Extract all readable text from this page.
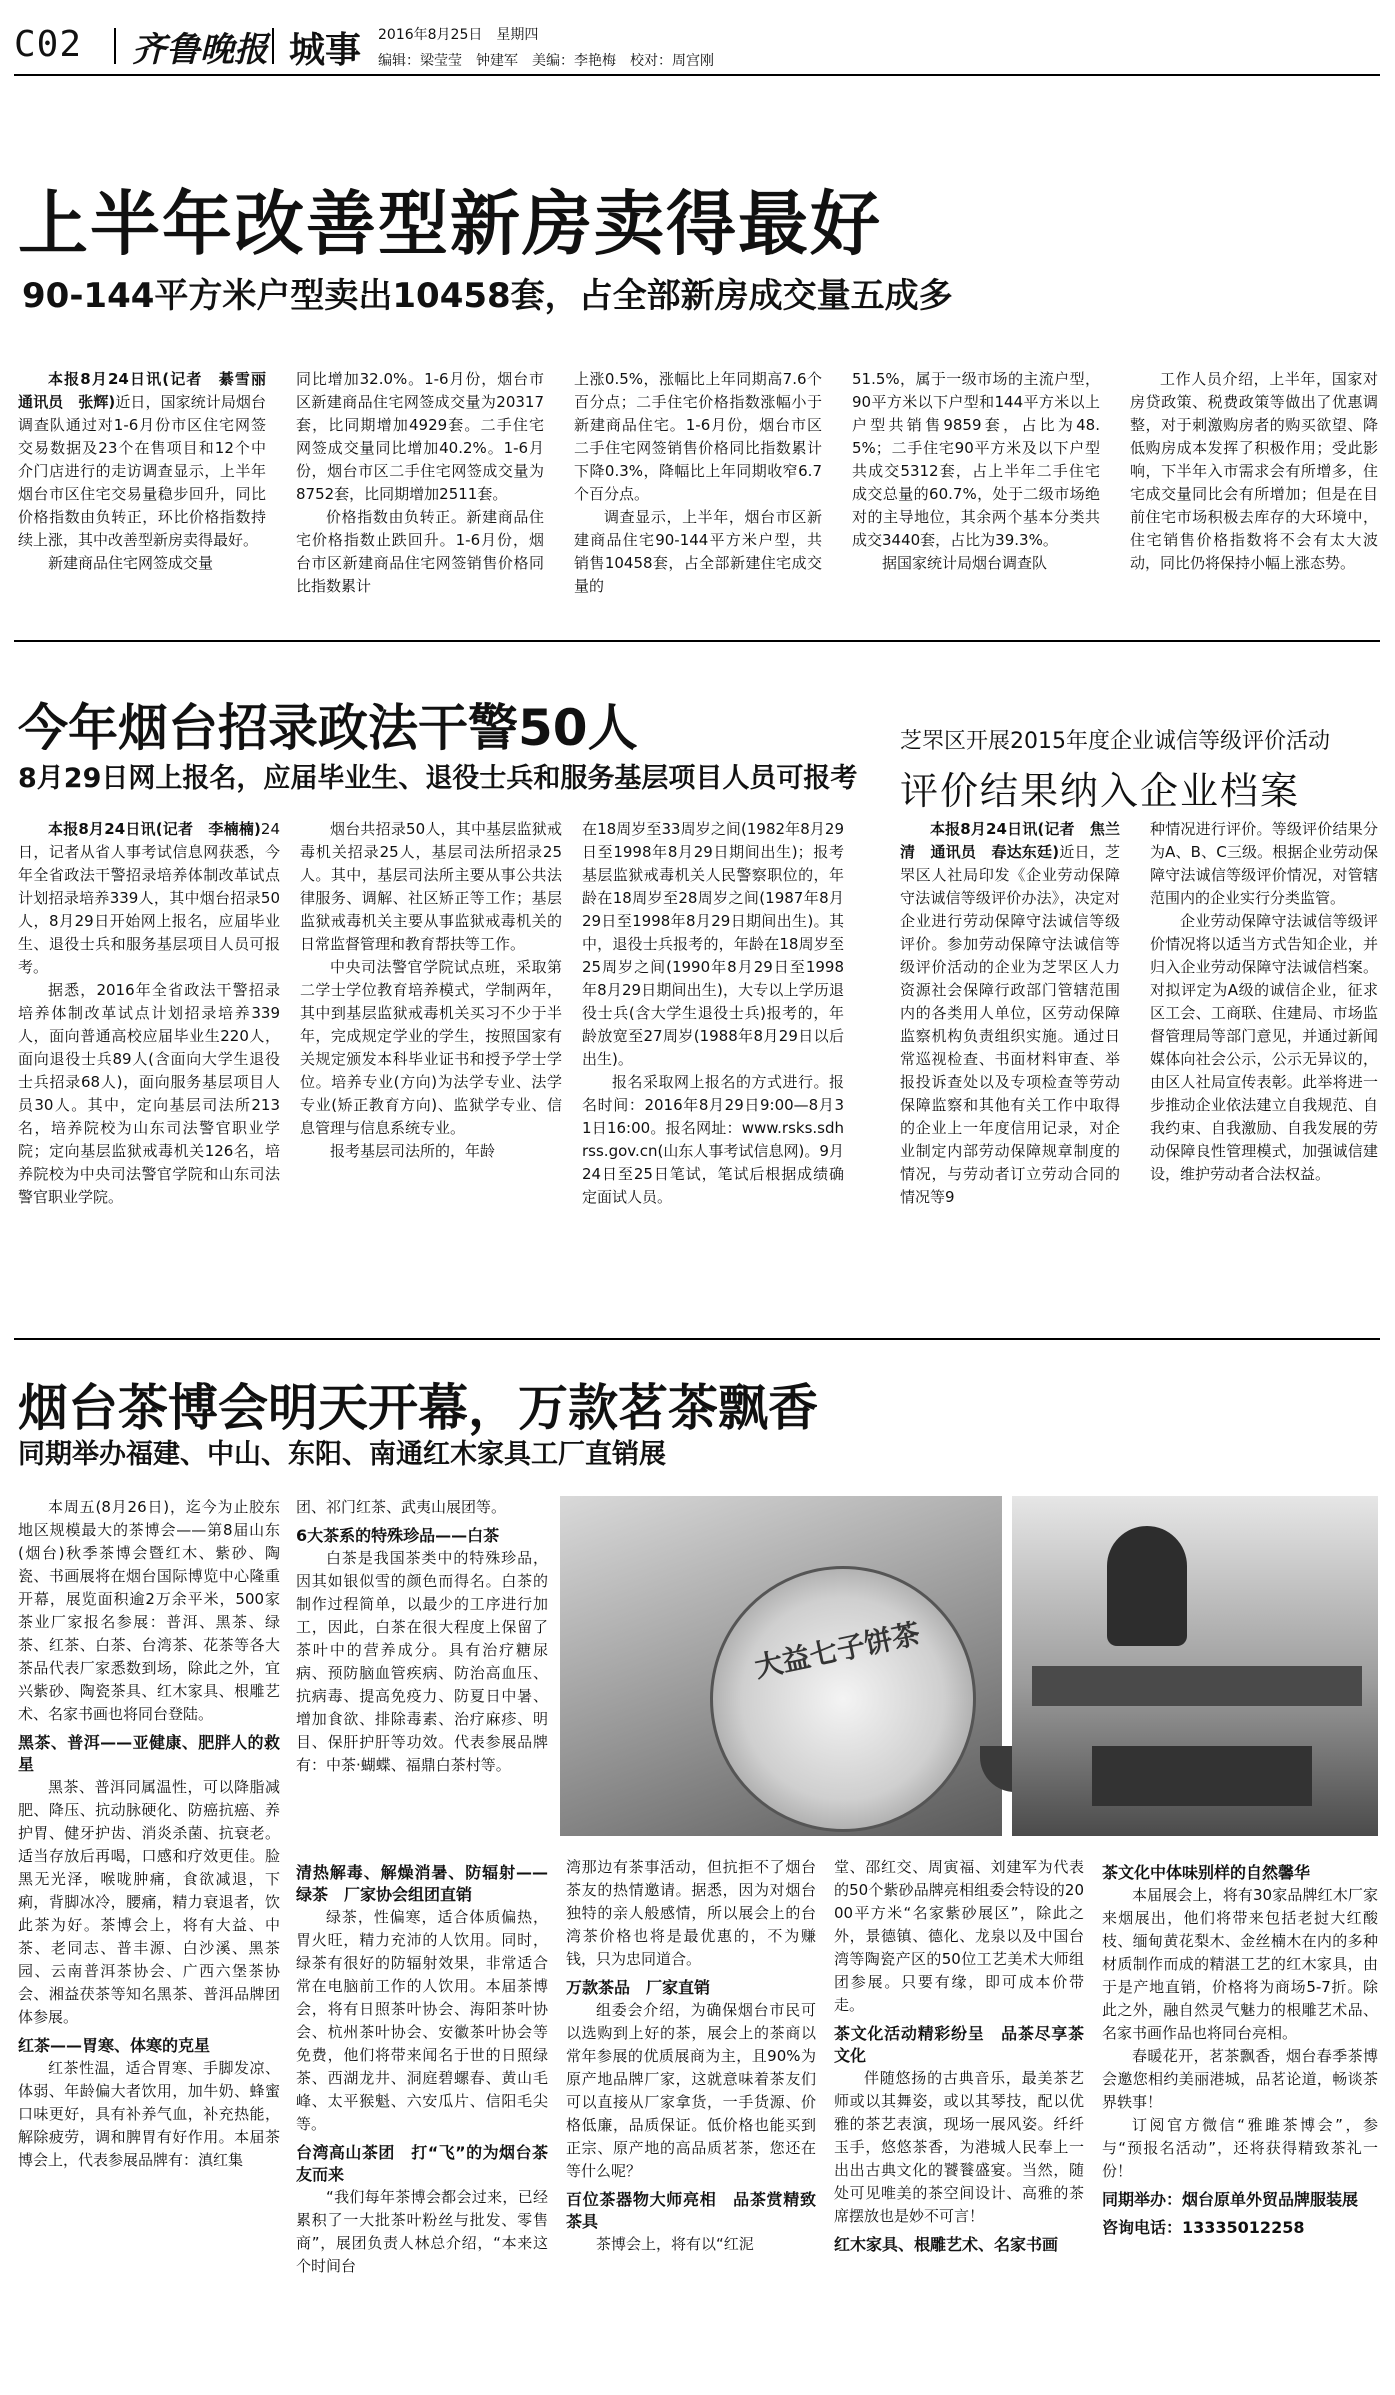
C02 齐鲁晚报 城事 2016年8月25日　星期四
编辑：梁莹莹　钟建军　美编：李艳梅　校对：周宫刚
上半年改善型新房卖得最好
90-144平方米户型卖出10458套，占全部新房成交量五成多

本报8月24日讯(记者　綦雪丽　通讯员　张辉)近日，国家统计局烟台调查队通过对1-6月份市区住宅网签交易数据及23个在售项目和12个中介门店进行的走访调查显示，上半年烟台市区住宅交易量稳步回升，同比价格指数由负转正，环比价格指数持续上涨，其中改善型新房卖得最好。

新建商品住宅网签成交量

同比增加32.0%。1-6月份，烟台市区新建商品住宅网签成交量为20317套，比同期增加4929套。二手住宅网签成交量同比增加40.2%。1-6月份，烟台市区二手住宅网签成交量为8752套，比同期增加2511套。

价格指数由负转正。新建商品住宅价格指数止跌回升。1-6月份，烟台市区新建商品住宅网签销售价格同比指数累计

上涨0.5%，涨幅比上年同期高7.6个百分点；二手住宅价格指数涨幅小于新建商品住宅。1-6月份，烟台市区二手住宅网签销售价格同比指数累计下降0.3%，降幅比上年同期收窄6.7个百分点。

调查显示，上半年，烟台市区新建商品住宅90-144平方米户型，共销售10458套，占全部新建住宅成交量的

51.5%，属于一级市场的主流户型，90平方米以下户型和144平方米以上户型共销售9859套，占比为48.5%；二手住宅90平方米及以下户型共成交5312套，占上半年二手住宅成交总量的60.7%，处于二级市场绝对的主导地位，其余两个基本分类共成交3440套，占比为39.3%。

据国家统计局烟台调查队

工作人员介绍，上半年，国家对房贷政策、税费政策等做出了优惠调整，对于刺激购房者的购买欲望、降低购房成本发挥了积极作用；受此影响，下半年入市需求会有所增多，住宅成交量同比会有所增加；但是在目前住宅市场积极去库存的大环境中，住宅销售价格指数将不会有太大波动，同比仍将保持小幅上涨态势。

今年烟台招录政法干警50人
8月29日网上报名，应届毕业生、退役士兵和服务基层项目人员可报考

本报8月24日讯(记者　李楠楠)24日，记者从省人事考试信息网获悉，今年全省政法干警招录培养体制改革试点计划招录培养339人，其中烟台招录50人，8月29日开始网上报名，应届毕业生、退役士兵和服务基层项目人员可报考。

据悉，2016年全省政法干警招录培养体制改革试点计划招录培养339人，面向普通高校应届毕业生220人，面向退役士兵89人(含面向大学生退役士兵招录68人)，面向服务基层项目人员30人。其中，定向基层司法所213名，培养院校为山东司法警官职业学院；定向基层监狱戒毒机关126名，培养院校为中央司法警官学院和山东司法警官职业学院。

烟台共招录50人，其中基层监狱戒毒机关招录25人，基层司法所招录25人。其中，基层司法所主要从事公共法律服务、调解、社区矫正等工作；基层监狱戒毒机关主要从事监狱戒毒机关的日常监督管理和教育帮扶等工作。

中央司法警官学院试点班，采取第二学士学位教育培养模式，学制两年，其中到基层监狱戒毒机关买习不少于半年，完成规定学业的学生，按照国家有关规定颁发本科毕业证书和授予学士学位。培养专业(方向)为法学专业、法学专业(矫正教育方向)、监狱学专业、信息管理与信息系统专业。

报考基层司法所的，年龄

在18周岁至33周岁之间(1982年8月29日至1998年8月29日期间出生)；报考基层监狱戒毒机关人民警察职位的，年龄在18周岁至28周岁之间(1987年8月29日至1998年8月29日期间出生)。其中，退役士兵报考的，年龄在18周岁至25周岁之间(1990年8月29日至1998年8月29日期间出生)，大专以上学历退役士兵(含大学生退役士兵)报考的，年龄放宽至27周岁(1988年8月29日以后出生)。

报名采取网上报名的方式进行。报名时间：2016年8月29日9:00—8月31日16:00。报名网址：www.rsks.sdhrss.gov.cn(山东人事考试信息网)。9月24日至25日笔试，笔试后根据成绩确定面试人员。

芝罘区开展2015年度企业诚信等级评价活动
评价结果纳入企业档案

本报8月24日讯(记者　焦兰清　通讯员　春达东廷)近日，芝罘区人社局印发《企业劳动保障守法诚信等级评价办法》，决定对企业进行劳动保障守法诚信等级评价。参加劳动保障守法诚信等级评价活动的企业为芝罘区人力资源社会保障行政部门管辖范围内的各类用人单位，区劳动保障监察机构负责组织实施。通过日常巡视检查、书面材料审查、举报投诉查处以及专项检查等劳动保障监察和其他有关工作中取得的企业上一年度信用记录，对企业制定内部劳动保障规章制度的情况，与劳动者订立劳动合同的情况等9

种情况进行评价。等级评价结果分为A、B、C三级。根据企业劳动保障守法诚信等级评价情况，对管辖范围内的企业实行分类监管。

企业劳动保障守法诚信等级评价情况将以适当方式告知企业，并归入企业劳动保障守法诚信档案。对拟评定为A级的诚信企业，征求区工会、工商联、住建局、市场监督管理局等部门意见，并通过新闻媒体向社会公示，公示无异议的，由区人社局宣传表彰。此举将进一步推动企业依法建立自我规范、自我约束、自我激励、自我发展的劳动保障良性管理模式，加强诚信建设，维护劳动者合法权益。

烟台茶博会明天开幕，万款茗茶飘香
同期举办福建、中山、东阳、南通红木家具工厂直销展
大益七子饼茶

本周五(8月26日)，迄今为止胶东地区规模最大的茶博会——第8届山东(烟台)秋季茶博会暨红木、紫砂、陶瓷、书画展将在烟台国际博览中心隆重开幕，展览面积逾2万余平米，500家茶业厂家报名参展：普洱、黑茶、绿茶、红茶、白茶、台湾茶、花茶等各大茶品代表厂家悉数到场，除此之外，宜兴紫砂、陶瓷茶具、红木家具、根雕艺术、名家书画也将同台登陆。

黑茶、普洱——亚健康、肥胖人的救星

黑茶、普洱同属温性，可以降脂减肥、降压、抗动脉硬化、防癌抗癌、养护胃、健牙护齿、消炎杀菌、抗衰老。适当存放后再喝，口感和疗效更佳。脸黑无光泽，喉咙肿痛，食欲减退，下痢，背脚冰冷，腰痛，精力衰退者，饮此茶为好。茶博会上，将有大益、中茶、老同志、普丰源、白沙溪、黑茶园、云南普洱茶协会、广西六堡茶协会、湘益茯茶等知名黑茶、普洱品牌团体参展。

红茶——胃寒、体寒的克星

红茶性温，适合胃寒、手脚发凉、体弱、年龄偏大者饮用，加牛奶、蜂蜜口味更好，具有补养气血，补充热能，解除疲劳，调和脾胃有好作用。本届茶博会上，代表参展品牌有：滇红集

团、祁门红茶、武夷山展团等。

6大茶系的特殊珍品——白茶

白茶是我国茶类中的特殊珍品，因其如银似雪的颜色而得名。白茶的制作过程简单，以最少的工序进行加工，因此，白茶在很大程度上保留了茶叶中的营养成分。具有治疗糖尿病、预防脑血管疾病、防治高血压、抗病毒、提高免疫力、防夏日中暑、增加食欲、排除毒素、治疗麻疹、明目、保肝护肝等功效。代表参展品牌有：中茶·蝴蝶、福鼎白茶村等。

清热解毒、解燥消暑、防辐射——绿茶　厂家协会组团直销

绿茶，性偏寒，适合体质偏热，胃火旺，精力充沛的人饮用。同时，绿茶有很好的防辐射效果，非常适合常在电脑前工作的人饮用。本届茶博会，将有日照茶叶协会、海阳茶叶协会、杭州茶叶协会、安徽茶叶协会等免费，他们将带来闻名于世的日照绿茶、西湖龙井、洞庭碧螺春、黄山毛峰、太平猴魁、六安瓜片、信阳毛尖等。

台湾高山茶团　打“飞”的为烟台茶友而来

“我们每年茶博会都会过来，已经累积了一大批茶叶粉丝与批发、零售商”，展团负责人林总介绍，“本来这个时间台

湾那边有茶事活动，但抗拒不了烟台茶友的热情邀请。据悉，因为对烟台独特的亲人般感情，所以展会上的台湾茶价格也将是最优惠的，不为赚钱，只为忠同道合。

万款茶品　厂家直销

组委会介绍，为确保烟台市民可以选购到上好的茶，展会上的茶商以常年参展的优质展商为主，且90%为原产地品牌厂家，这就意味着茶友们可以直接从厂家拿货，一手货源、价格低廉，品质保证。低价格也能买到正宗、原产地的高品质茗茶，您还在等什么呢？

百位茶器物大师亮相　品茶赏精致茶具

茶博会上，将有以“红泥

堂、邵红交、周寅福、刘建军为代表的50个紫砂品牌亮相组委会特设的2000平方米“名家紫砂展区”，除此之外，景德镇、德化、龙泉以及中国台湾等陶瓷产区的50位工艺美术大师组团参展。只要有缘，即可成本价带走。

茶文化活动精彩纷呈　品茶尽享茶文化

伴随悠扬的古典音乐，最美茶艺师或以其舞姿，或以其琴技，配以优雅的茶艺表演，现场一展风姿。纤纤玉手，悠悠茶香，为港城人民奉上一出出古典文化的饕餮盛宴。当然，随处可见唯美的茶空间设计、高雅的茶席摆放也是妙不可言！

红木家具、根雕艺术、名家书画

茶文化中体味别样的自然馨华

本届展会上，将有30家品牌红木厂家来烟展出，他们将带来包括老挝大红酸枝、缅甸黄花梨木、金丝楠木在内的多种材质制作而成的精湛工艺的红木家具，由于是产地直销，价格将为商场5-7折。除此之外，融自然灵气魅力的根雕艺术品、名家书画作品也将同台亮相。

春暖花开，茗茶飘香，烟台春季茶博会邀您相约美丽港城，品茗论道，畅谈茶界轶事！

订阅官方微信“雅雎茶博会”，参与“预报名活动”，还将获得精致茶礼一份！

同期举办：烟台原单外贸品牌服装展

咨询电话：13335012258
